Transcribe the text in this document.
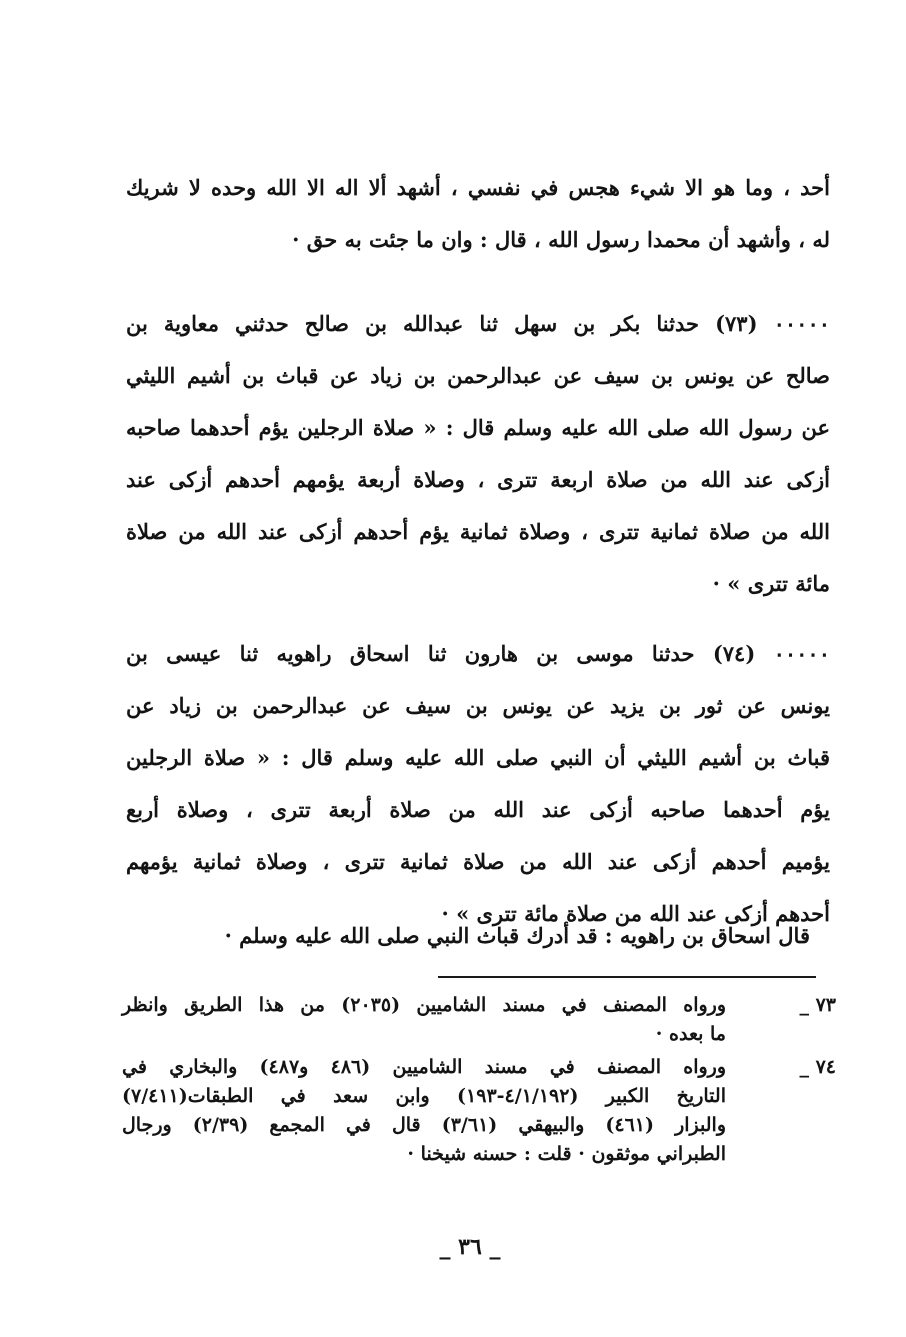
أحد ، وما هو الا شيء هجس في نفسي ، أشهد ألا اله الا الله وحده لا شريك
له ، وأشهد أن محمدا رسول الله ، قال : وان ما جئت به حق ·
٠٠٠٠٠ (٧٣) حدثنا بكر بن سهل ثنا عبدالله بن صالح حدثني معاوية بن
صالح عن يونس بن سيف عن عبدالرحمن بن زياد عن قباث بن أشيم الليثي
عن رسول الله صلى الله عليه وسلم قال : « صلاة الرجلين يؤم أحدهما صاحبه
أزكى عند الله من صلاة اربعة تترى ، وصلاة أربعة يؤمهم أحدهم أزكى عند
الله من صلاة ثمانية تترى ، وصلاة ثمانية يؤم أحدهم أزكى عند الله من صلاة
مائة تترى » ·
٠٠٠٠٠ (٧٤) حدثنا موسى بن هارون ثنا اسحاق راهويه ثنا عيسى بن
يونس عن ثور بن يزيد عن يونس بن سيف عن عبدالرحمن بن زياد عن
قباث بن أشيم الليثي أن النبي صلى الله عليه وسلم قال : « صلاة الرجلين
يؤم أحدهما صاحبه أزكى عند الله من صلاة أربعة تترى ، وصلاة أربع
يؤميم أحدهم أزكى عند الله من صلاة ثمانية تترى ، وصلاة ثمانية يؤمهم
أحدهم أزكى عند الله من صلاة مائة تترى » ·
قال اسحاق بن راهويه : قد أدرك قباث النبي صلى الله عليه وسلم ·
٧٣ _
ورواه المصنف في مسند الشاميين (٢٠٣٥) من هذا الطريق وانظر
ما بعده ·
٧٤ _
ورواه المصنف في مسند الشاميين (٤٨٦ و٤٨٧) والبخاري في
التاريخ الكبير (٤/١/١٩٢-١٩٣) وابن سعد في الطبقات(٧/٤١١)
والبزار (٤٦١) والبيهقي (٣/٦١) قال في المجمع (٢/٣٩) ورجال
الطبراني موثقون · قلت : حسنه شيخنا ·
_ ٣٦ _
